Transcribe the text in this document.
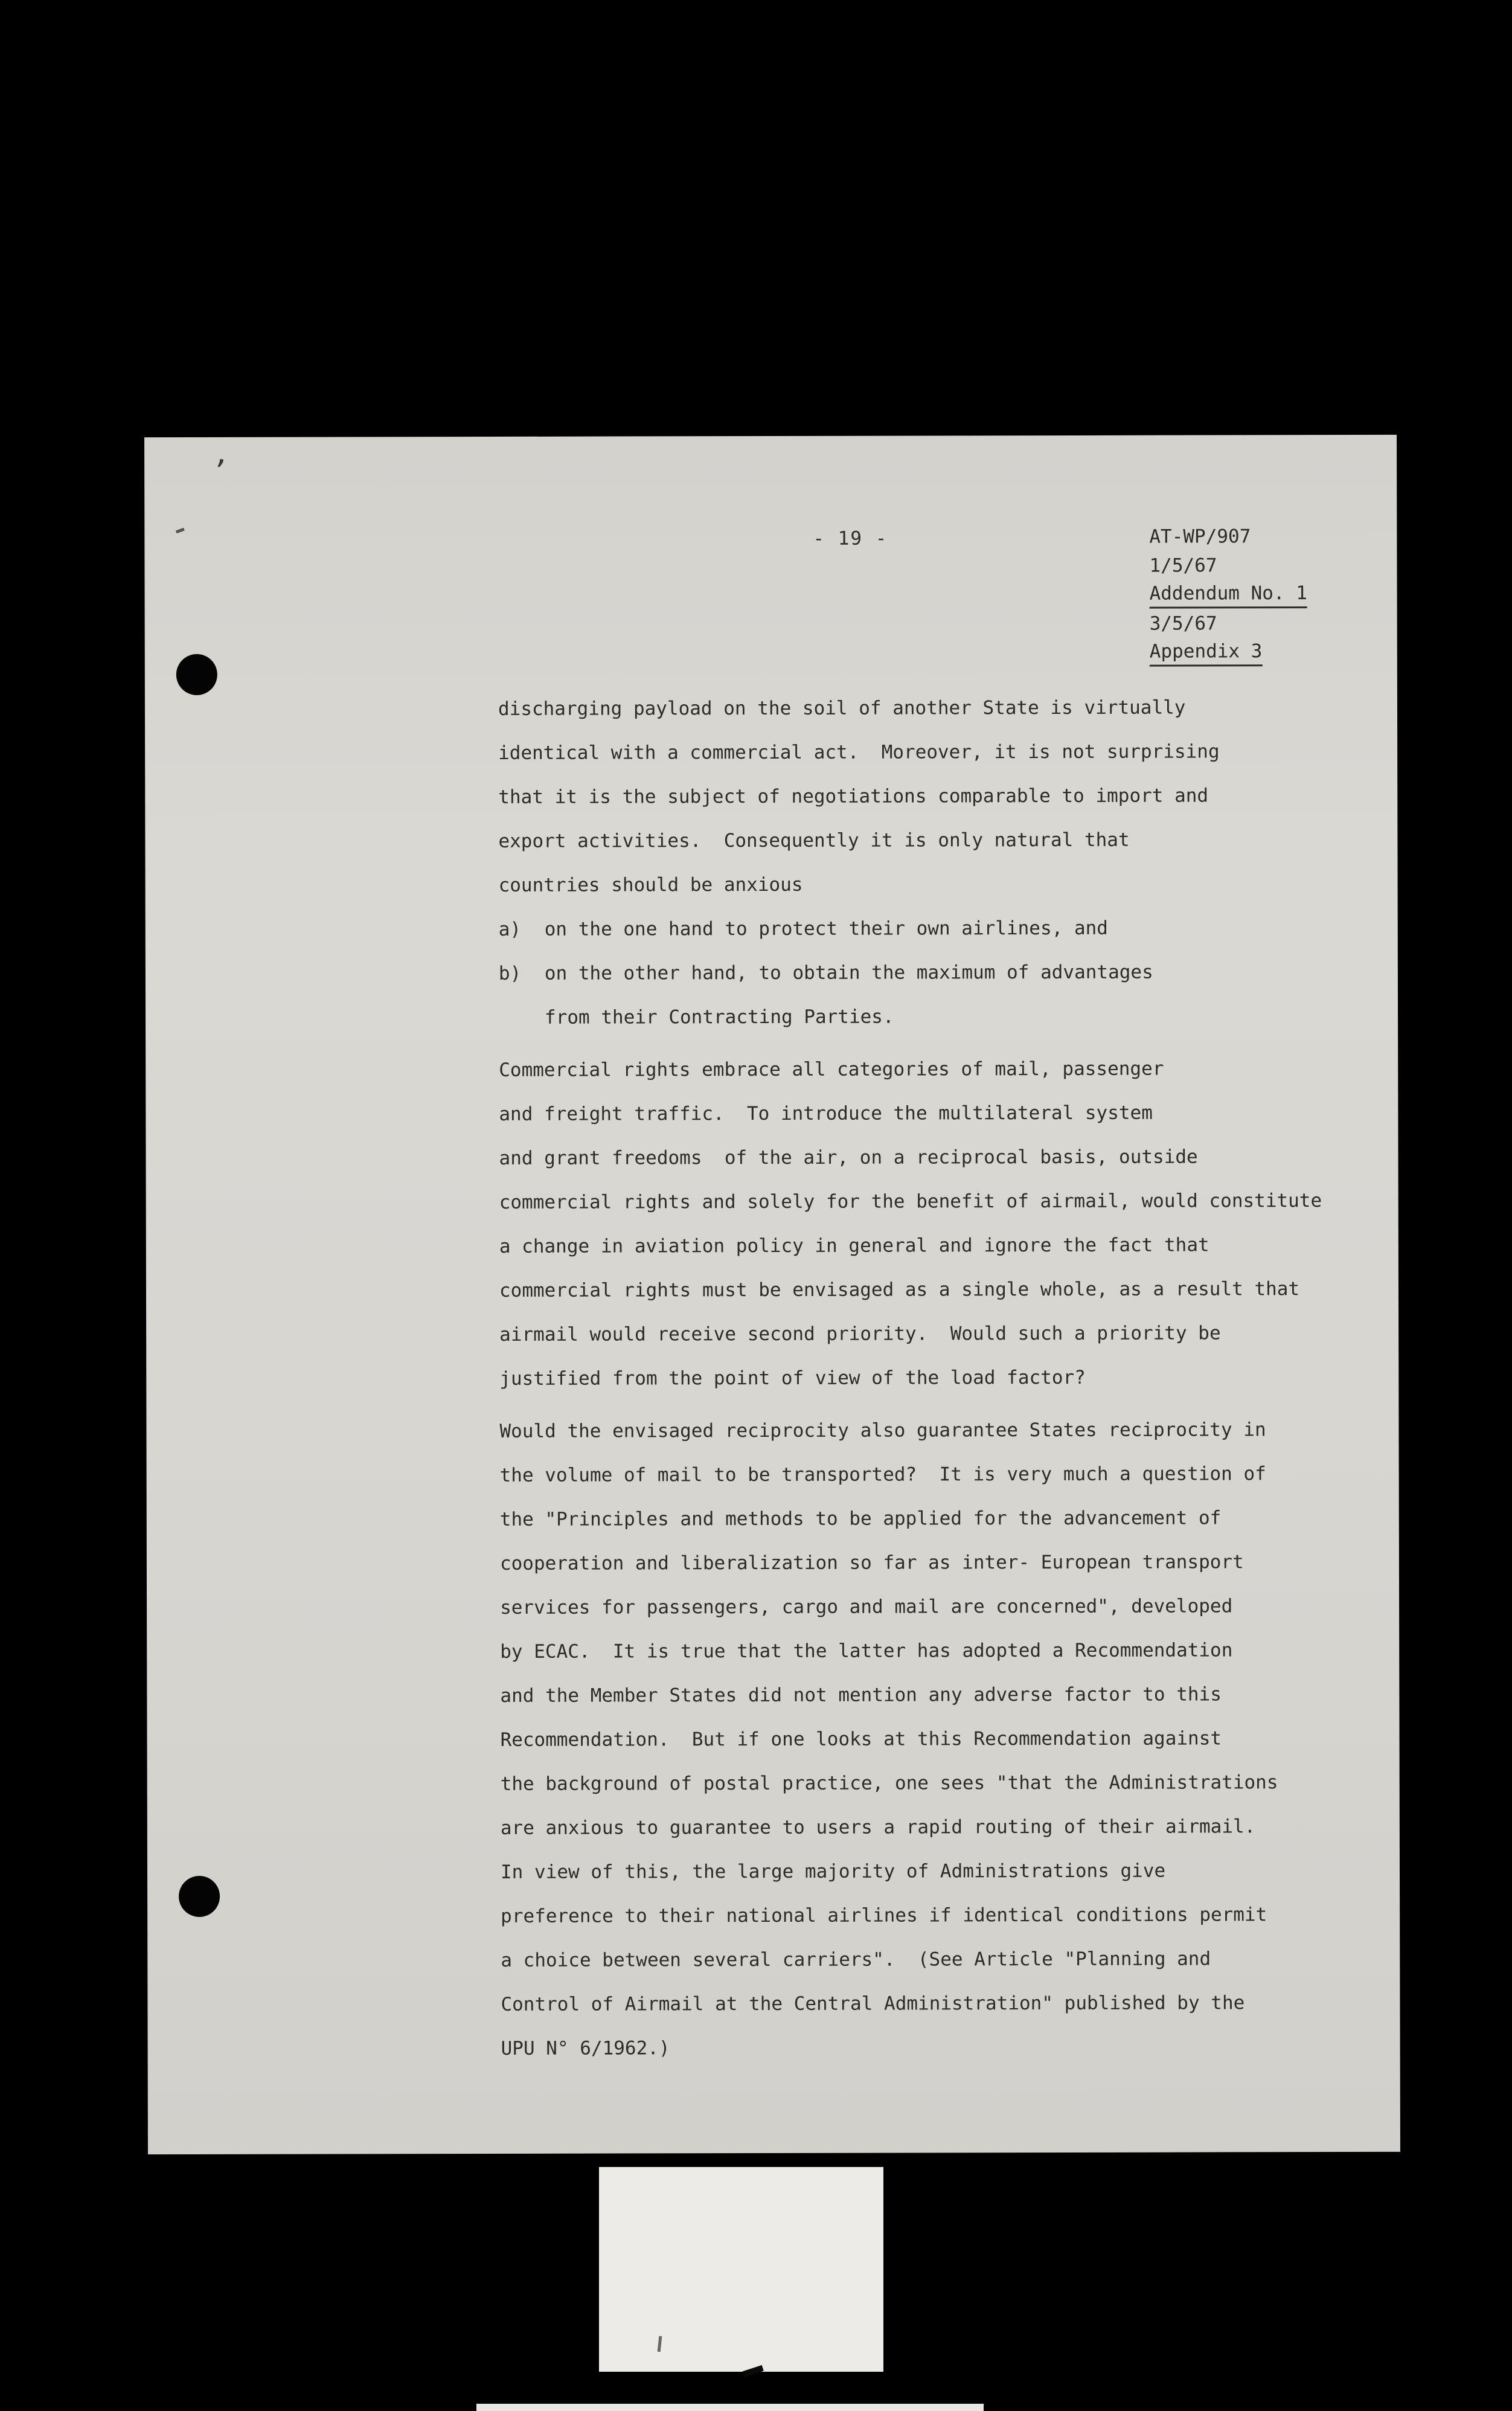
’
- 19 -	AT-WP/907
1/5/67
Addendum No. 1
3/5/67
Appendix 3
discharging payload on the soil of another State is virtually
identical with a commercial act.  Moreover, it is not surprising
that it is the subject of negotiations comparable to import and
export activities.  Consequently it is only natural that
countries should be anxious
a)	on the one hand to protect their own airlines, and
b)	on the other hand, to obtain the maximum of advantages
from their Contracting Parties.
Commercial rights embrace all categories of mail, passenger
and freight traffic.  To introduce the multilateral system
and grant freedoms  of the air, on a reciprocal basis, outside
commercial rights and solely for the benefit of airmail, would constitute
a change in aviation policy in general and ignore the fact that
commercial rights must be envisaged as a single whole, as a result that
airmail would receive second priority.  Would such a priority be
justified from the point of view of the load factor?
Would the envisaged reciprocity also guarantee States reciprocity in
the volume of mail to be transported?  It is very much a question of
the "Principles and methods to be applied for the advancement of
cooperation and liberalization so far as inter- European transport
services for passengers, cargo and mail are concerned", developed
by ECAC.  It is true that the latter has adopted a Recommendation
and the Member States did not mention any adverse factor to this
Recommendation.  But if one looks at this Recommendation against
the background of postal practice, one sees "that the Administrations
are anxious to guarantee to users a rapid routing of their airmail.
In view of this, the large majority of Administrations give
preference to their national airlines if identical conditions permit
a choice between several carriers".  (See Article "Planning and
Control of Airmail at the Central Administration" published by the
UPU N° 6/1962.)
